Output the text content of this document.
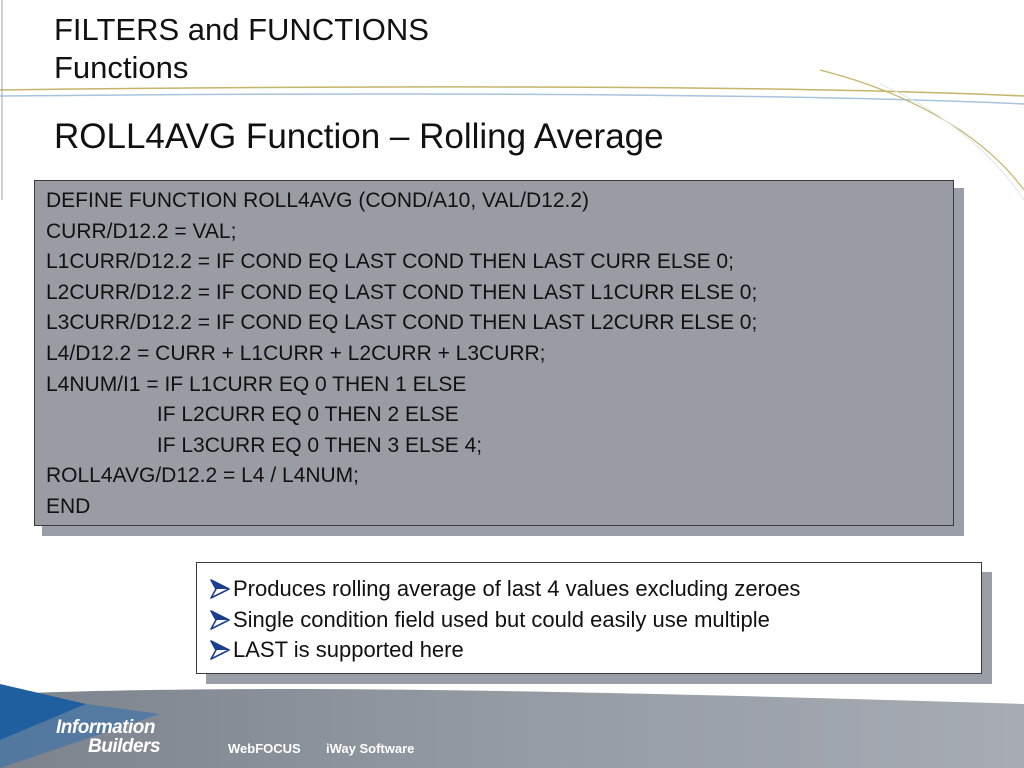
FILTERS and FUNCTIONS
Functions
ROLL4AVG Function – Rolling Average
DEFINE FUNCTION ROLL4AVG (COND/A10, VAL/D12.2)
CURR/D12.2 = VAL;
L1CURR/D12.2 = IF COND EQ LAST COND THEN LAST CURR ELSE 0;
L2CURR/D12.2 = IF COND EQ LAST COND THEN LAST L1CURR ELSE 0;
L3CURR/D12.2 = IF COND EQ LAST COND THEN LAST L2CURR ELSE 0;
L4/D12.2 = CURR + L1CURR + L2CURR + L3CURR;
L4NUM/I1 = IF L1CURR EQ 0 THEN 1 ELSE
IF L2CURR EQ 0 THEN 2 ELSE
IF L3CURR EQ 0 THEN 3 ELSE 4;
ROLL4AVG/D12.2 = L4 / L4NUM;
END
Produces rolling average of last 4 values excluding zeroes
Single condition field used but could easily use multiple
LAST is supported here
Information
Builders	WebFOCUS iWay Software
